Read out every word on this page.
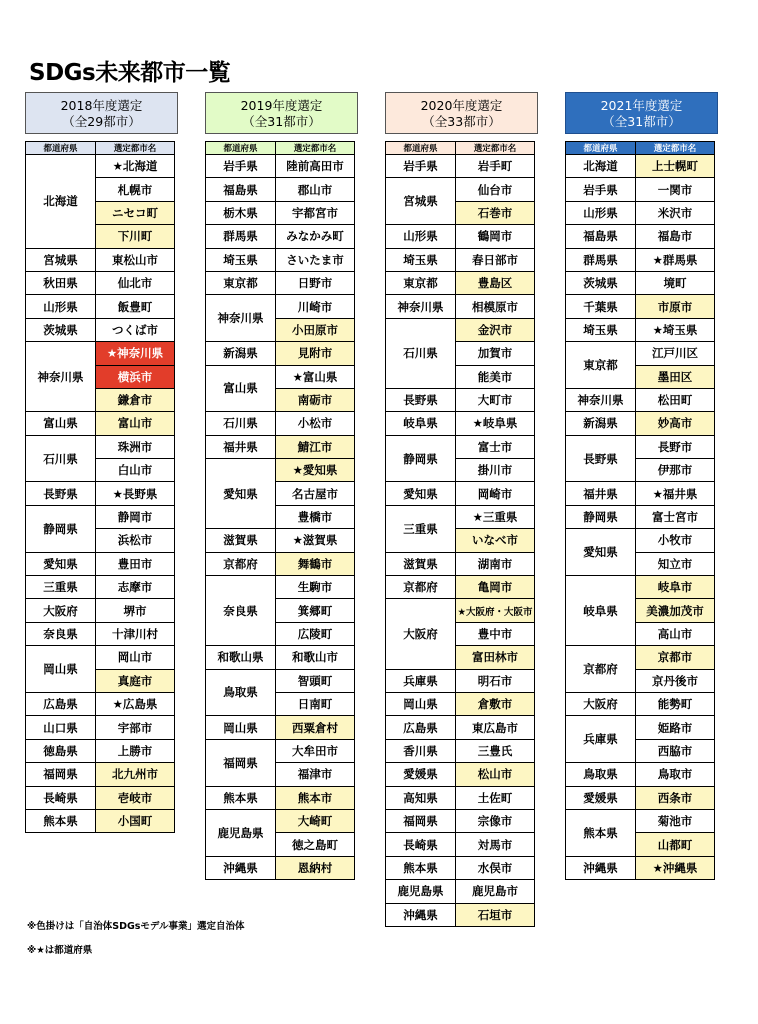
SDGs未来都市一覧
2018年度選定
（全29都市）
2019年度選定
（全31都市）
2020年度選定
（全33都市）
2021年度選定
（全31都市）
都道府県	選定都市名
北海道	★北海道
	札幌市
	ニセコ町
	下川町
宮城県	東松山市
秋田県	仙北市
山形県	飯豊町
茨城県	つくば市
神奈川県	★神奈川県
	横浜市
	鎌倉市
富山県	富山市
石川県	珠洲市
	白山市
長野県	★長野県
静岡県	静岡市
	浜松市
愛知県	豊田市
三重県	志摩市
大阪府	堺市
奈良県	十津川村
岡山県	岡山市
	真庭市
広島県	★広島県
山口県	宇部市
徳島県	上勝市
福岡県	北九州市
長崎県	壱岐市
熊本県	小国町
都道府県	選定都市名
岩手県	陸前高田市
福島県	郡山市
栃木県	宇都宮市
群馬県	みなかみ町
埼玉県	さいたま市
東京都	日野市
神奈川県	川崎市
	小田原市
新潟県	見附市
富山県	★富山県
	南砺市
石川県	小松市
福井県	鯖江市
愛知県	★愛知県
	名古屋市
	豊橋市
滋賀県	★滋賀県
京都府	舞鶴市
奈良県	生駒市
	箕郷町
	広陵町
和歌山県	和歌山市
鳥取県	智頭町
	日南町
岡山県	西粟倉村
福岡県	大牟田市
	福津市
熊本県	熊本市
鹿児島県	大崎町
	徳之島町
沖縄県	恩納村
都道府県	選定都市名
岩手県	岩手町
宮城県	仙台市
	石巻市
山形県	鶴岡市
埼玉県	春日部市
東京都	豊島区
神奈川県	相模原市
石川県	金沢市
	加賀市
	能美市
長野県	大町市
岐阜県	★岐阜県
静岡県	富士市
	掛川市
愛知県	岡崎市
三重県	★三重県
	いなべ市
滋賀県	湖南市
京都府	亀岡市
大阪府	★大阪府・大阪市
	豊中市
	富田林市
兵庫県	明石市
岡山県	倉敷市
広島県	東広島市
香川県	三豊氏
愛媛県	松山市
高知県	土佐町
福岡県	宗像市
長崎県	対馬市
熊本県	水俣市
鹿児島県	鹿児島市
沖縄県	石垣市
都道府県	選定都市名
北海道	上士幌町
岩手県	一関市
山形県	米沢市
福島県	福島市
群馬県	★群馬県
茨城県	境町
千葉県	市原市
埼玉県	★埼玉県
東京都	江戸川区
	墨田区
神奈川県	松田町
新潟県	妙高市
長野県	長野市
	伊那市
福井県	★福井県
静岡県	富士宮市
愛知県	小牧市
	知立市
岐阜県	岐阜市
	美濃加茂市
	高山市
京都府	京都市
	京丹後市
大阪府	能勢町
兵庫県	姫路市
	西脇市
鳥取県	鳥取市
愛媛県	西条市
熊本県	菊池市
	山都町
沖縄県	★沖縄県
※色掛けは「自治体SDGsモデル事業」選定自治体
※★は都道府県
